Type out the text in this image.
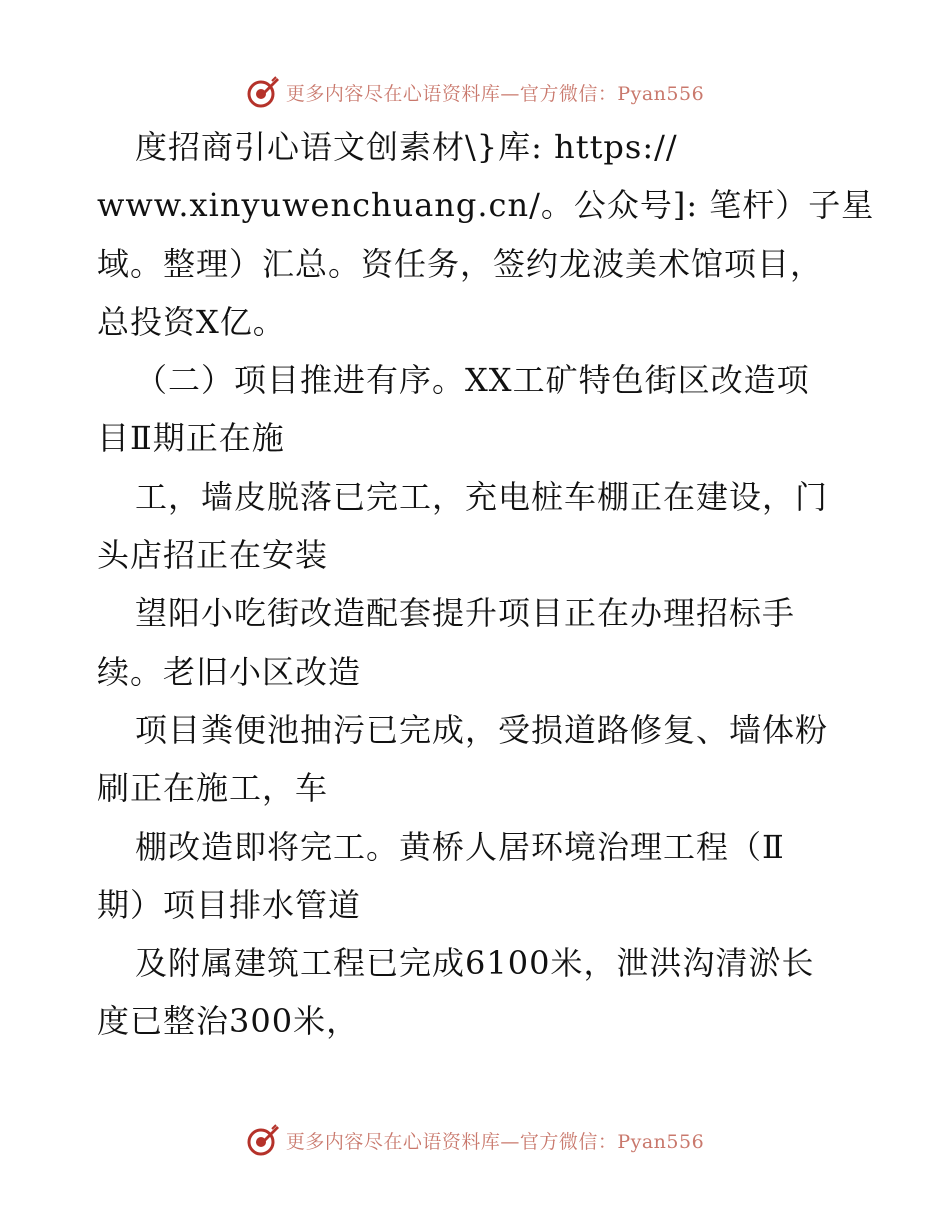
更多内容尽在心语资料库—官方微信：Pyan556
度招商引心语文创素材\}库: https://
www.xinyuwenchuang.cn/。公众号]: 笔杆）子星
域。整理）汇总。资任务，签约龙波美术馆项目，
总投资X亿。
（二）项目推进有序。XX工矿特色街区改造项
目Ⅱ期正在施
工，墙皮脱落已完工，充电桩车棚正在建设，门
头店招正在安装
望阳小吃街改造配套提升项目正在办理招标手
续。老旧小区改造
项目粪便池抽污已完成，受损道路修复、墙体粉
刷正在施工，车
棚改造即将完工。黄桥人居环境治理工程（Ⅱ
期）项目排水管道
及附属建筑工程已完成6100米，泄洪沟清淤长
度已整治300米，
更多内容尽在心语资料库—官方微信：Pyan556
